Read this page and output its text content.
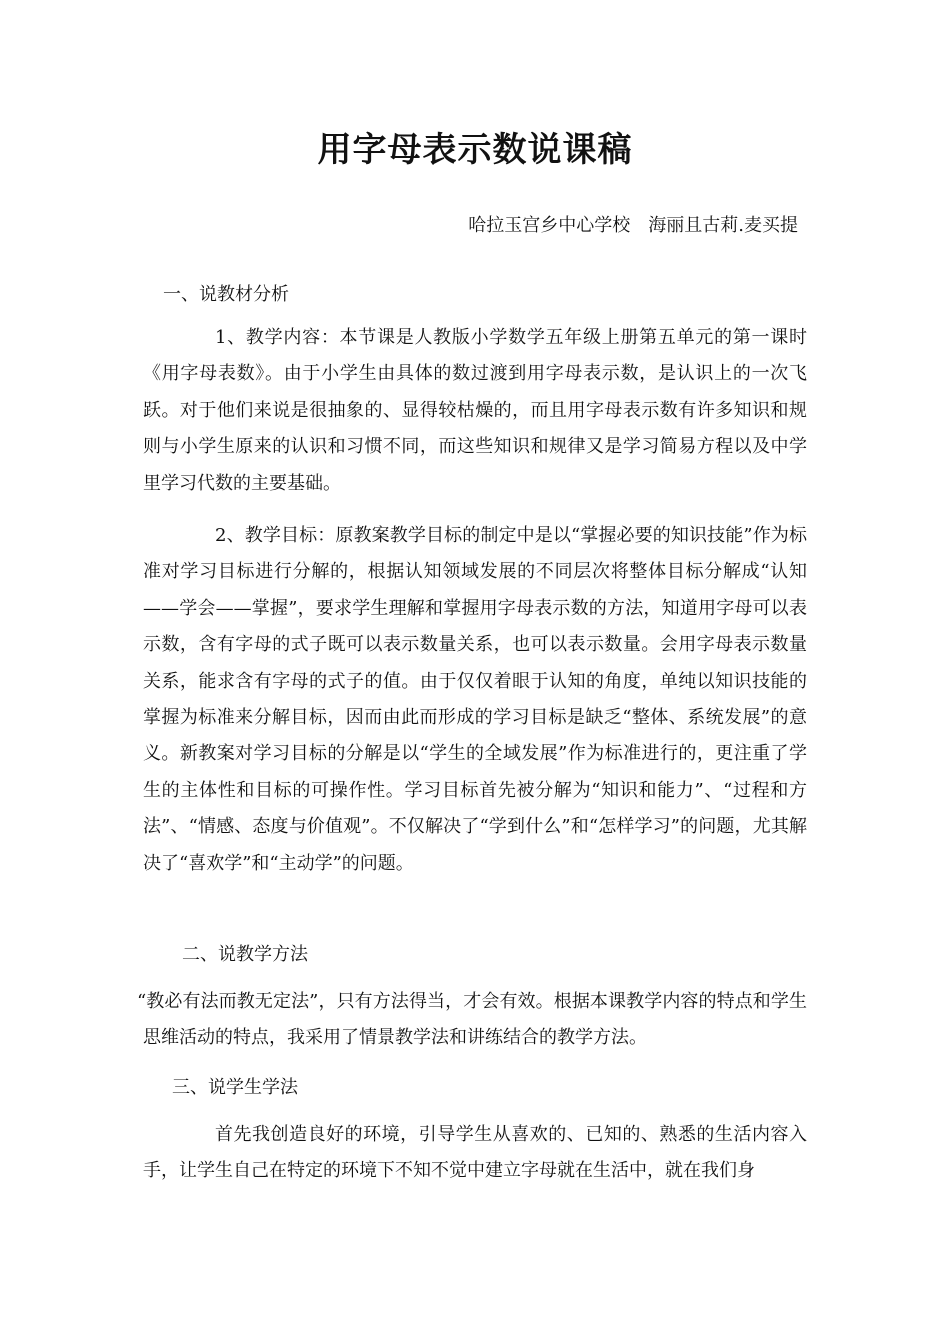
用字母表示数说课稿
哈拉玉宫乡中心学校　海丽且古莉.麦买提
一、说教材分析

1、教学内容：本节课是人教版小学数学五年级上册第五单元的第一课时《用字母表数》。由于小学生由具体的数过渡到用字母表示数，是认识上的一次飞跃。对于他们来说是很抽象的、显得较枯燥的，而且用字母表示数有许多知识和规则与小学生原来的认识和习惯不同，而这些知识和规律又是学习简易方程以及中学里学习代数的主要基础。

2、教学目标：原教案教学目标的制定中是以“掌握必要的知识技能”作为标准对学习目标进行分解的，根据认知领域发展的不同层次将整体目标分解成“认知——学会——掌握”，要求学生理解和掌握用字母表示数的方法，知道用字母可以表示数，含有字母的式子既可以表示数量关系，也可以表示数量。会用字母表示数量关系，能求含有字母的式子的值。由于仅仅着眼于认知的角度，单纯以知识技能的掌握为标准来分解目标，因而由此而形成的学习目标是缺乏“整体、系统发展”的意义。新教案对学习目标的分解是以“学生的全域发展”作为标准进行的，更注重了学生的主体性和目标的可操作性。学习目标首先被分解为“知识和能力”、“过程和方法”、“情感、态度与价值观”。不仅解决了“学到什么”和“怎样学习”的问题，尤其解决了“喜欢学”和“主动学”的问题。

二、说教学方法

“教必有法而教无定法”，只有方法得当，才会有效。根据本课教学内容的特点和学生思维活动的特点，我采用了情景教学法和讲练结合的教学方法。

三、说学生学法

首先我创造良好的环境，引导学生从喜欢的、已知的、熟悉的生活内容入手，让学生自己在特定的环境下不知不觉中建立字母就在生活中，就在我们身
